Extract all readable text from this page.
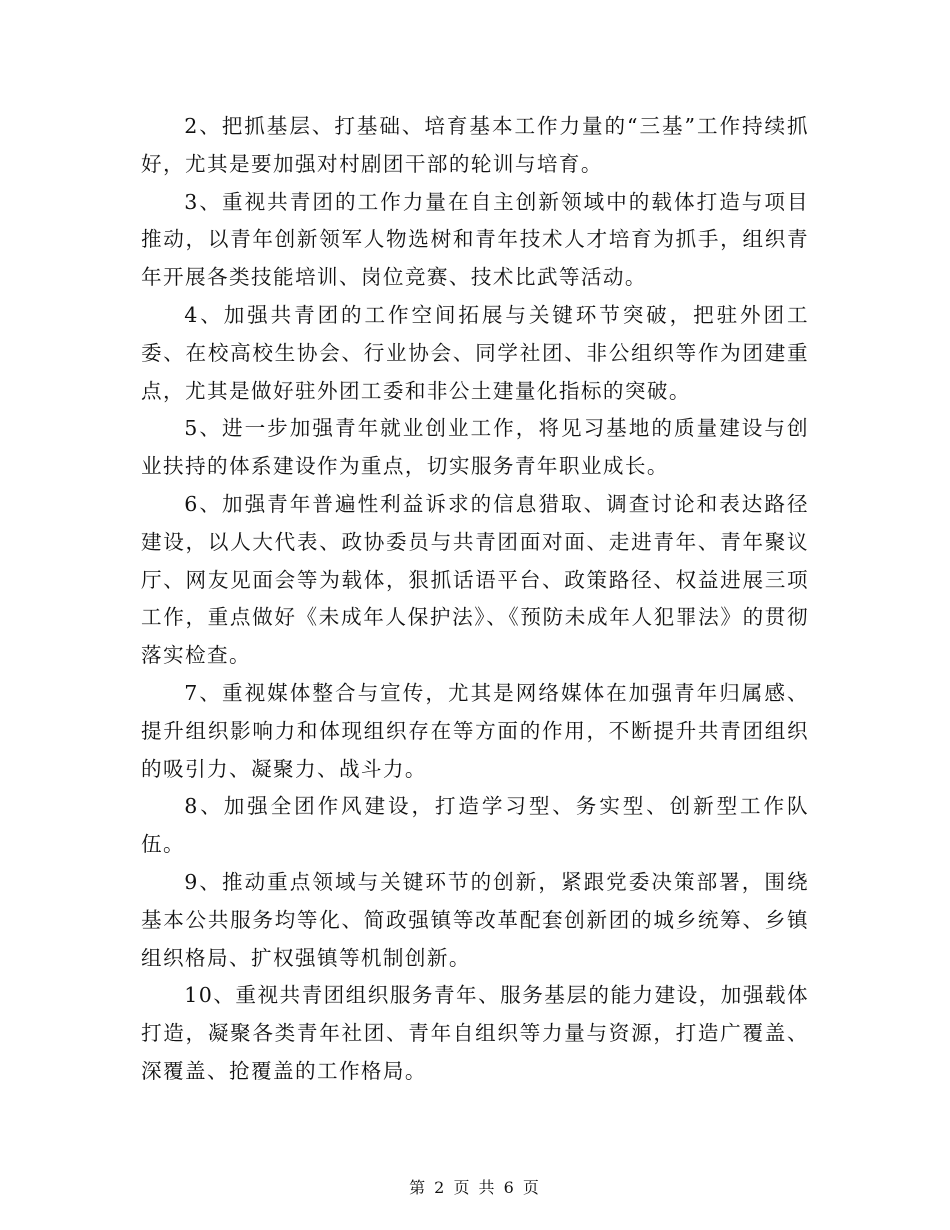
2、把抓基层、打基础、培育基本工作力量的“三基”工作持续抓好，尤其是要加强对村剧团干部的轮训与培育。

3、重视共青团的工作力量在自主创新领域中的载体打造与项目推动，以青年创新领军人物选树和青年技术人才培育为抓手，组织青年开展各类技能培训、岗位竞赛、技术比武等活动。

4、加强共青团的工作空间拓展与关键环节突破，把驻外团工委、在校高校生协会、行业协会、同学社团、非公组织等作为团建重点，尤其是做好驻外团工委和非公土建量化指标的突破。

5、进一步加强青年就业创业工作，将见习基地的质量建设与创业扶持的体系建设作为重点，切实服务青年职业成长。

6、加强青年普遍性利益诉求的信息猎取、调查讨论和表达路径建设，以人大代表、政协委员与共青团面对面、走进青年、青年聚议厅、网友见面会等为载体，狠抓话语平台、政策路径、权益进展三项工作，重点做好《未成年人保护法》、《预防未成年人犯罪法》的贯彻落实检查。

7、重视媒体整合与宣传，尤其是网络媒体在加强青年归属感、提升组织影响力和体现组织存在等方面的作用，不断提升共青团组织的吸引力、凝聚力、战斗力。

8、加强全团作风建设，打造学习型、务实型、创新型工作队伍。

9、推动重点领域与关键环节的创新，紧跟党委决策部署，围绕基本公共服务均等化、简政强镇等改革配套创新团的城乡统筹、乡镇组织格局、扩权强镇等机制创新。

10、重视共青团组织服务青年、服务基层的能力建设，加强载体打造，凝聚各类青年社团、青年自组织等力量与资源，打造广覆盖、深覆盖、抢覆盖的工作格局。

第 2 页 共 6 页
